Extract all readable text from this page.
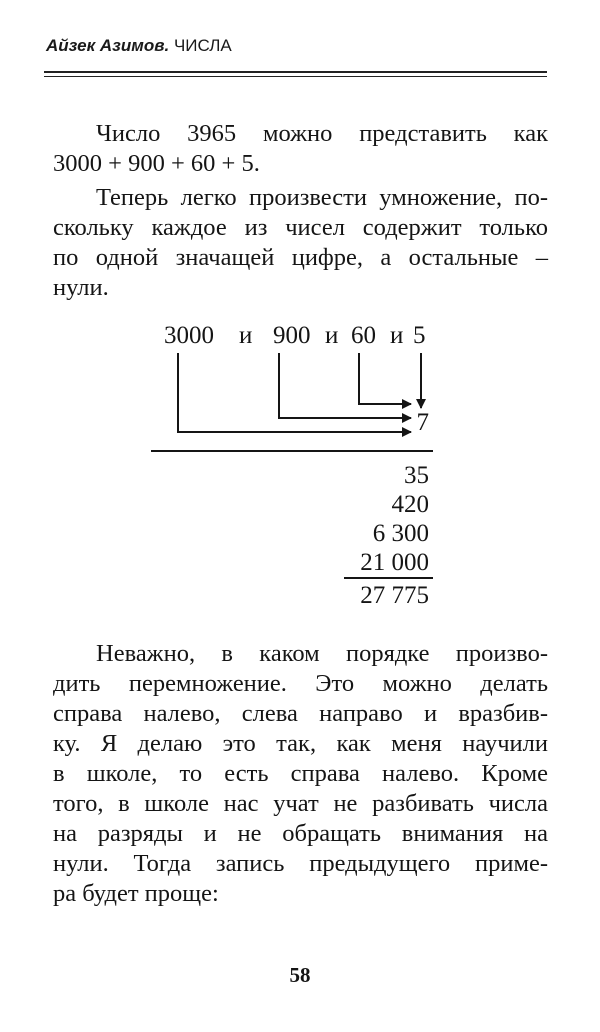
Айзек Азимов. ЧИСЛА
Число 3965 можно представить как
3000 + 900 + 60 + 5.
Теперь легко произвести умножение, по-
скольку каждое из чисел содержит только
по одной значащей цифре, а остальные –
нули.
3000 и 900 и 60 и 5
7
35
420
6 300
21 000
27 775
Неважно, в каком порядке произво-
дить перемножение. Это можно делать
справа налево, слева направо и вразбив-
ку. Я делаю это так, как меня научили
в школе, то есть справа налево. Кроме
того, в школе нас учат не разбивать числа
на разряды и не обращать внимания на
нули. Тогда запись предыдущего приме-
ра будет проще:
58
